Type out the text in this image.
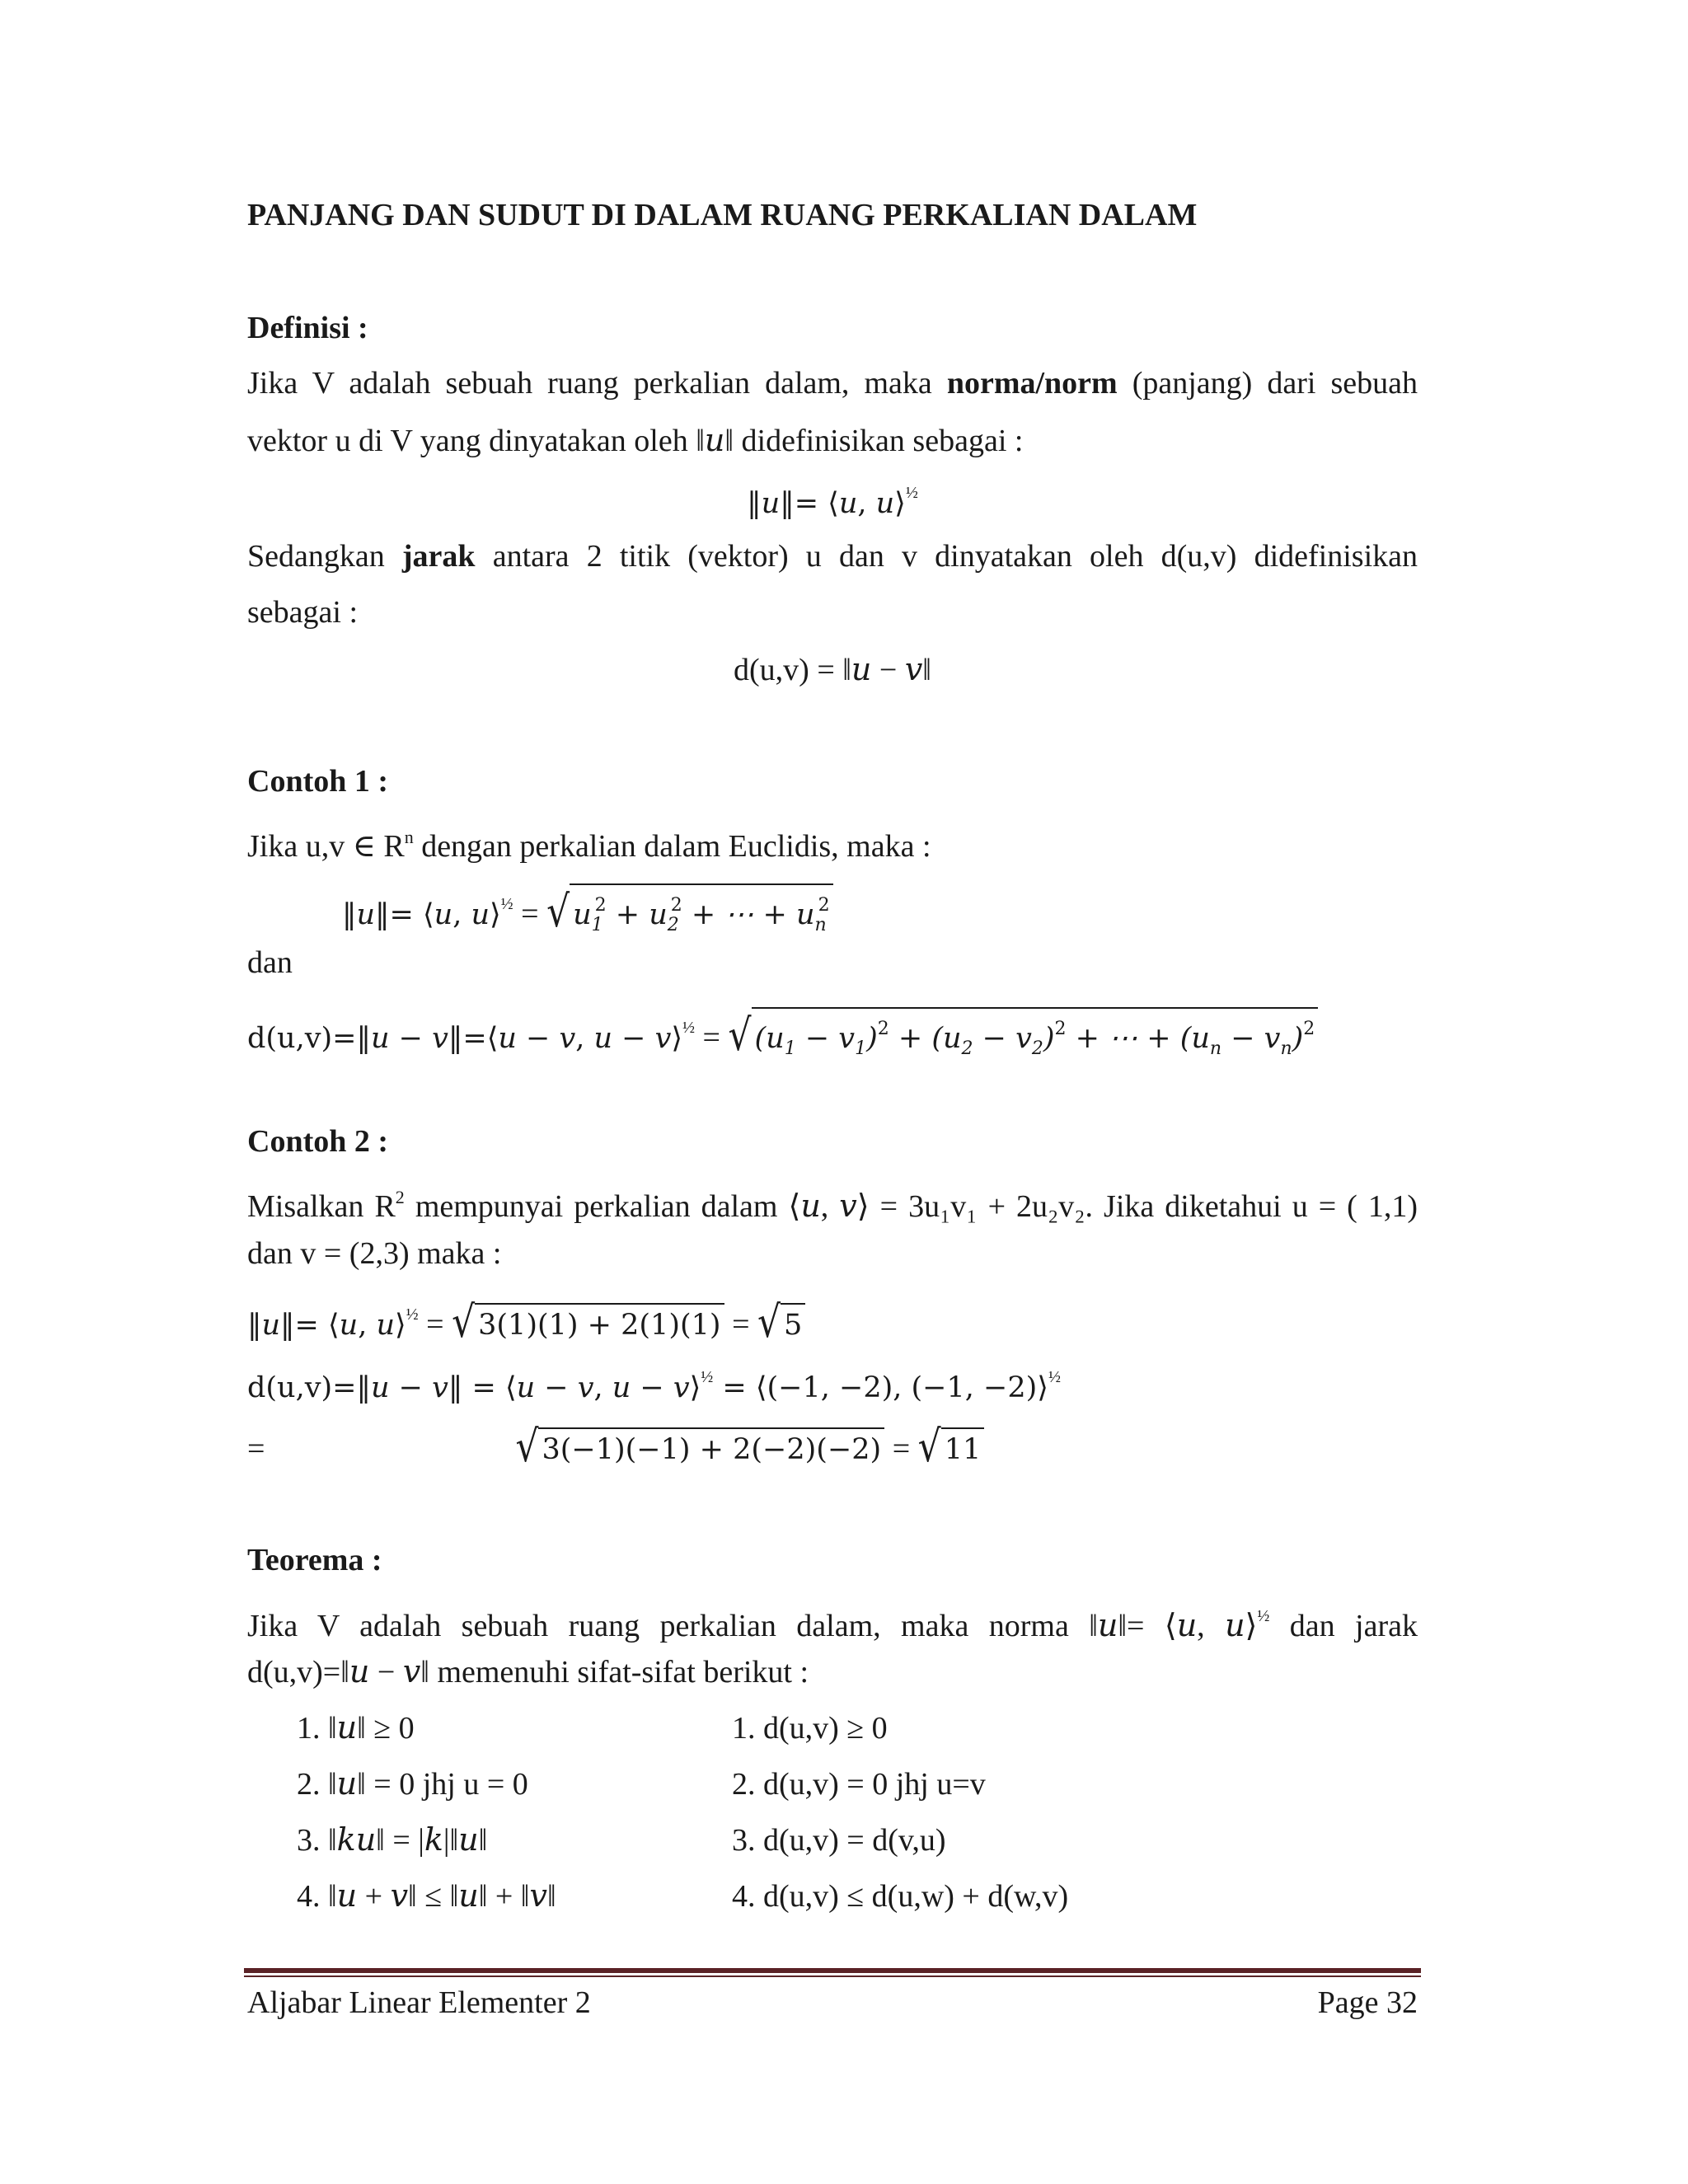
PANJANG DAN SUDUT DI DALAM RUANG PERKALIAN DALAM
Definisi :
Jika V adalah sebuah ruang perkalian dalam, maka norma/norm (panjang) dari sebuah
vektor u di V yang dinyatakan oleh ‖𝑢‖ didefinisikan sebagai :
‖𝑢‖= ⟨𝑢, 𝑢⟩$^{\frac{1}{2}}$
Sedangkan jarak antara 2 titik (vektor) u dan v dinyatakan oleh d(u,v) didefinisikan
sebagai :
d(u,v) = ‖𝑢 − 𝑣‖
Contoh 1 :
Jika u,v ∈ $R^n$ dengan perkalian dalam Euclidis, maka :
‖𝑢‖= ⟨𝑢, 𝑢⟩$^{\frac{1}{2}}$ = √ $u_1^2 + u_2^2$ + ⋯ + $u_n^2$
dan
d(u,v)=‖𝑢 − 𝑣‖=⟨𝑢 − 𝑣, 𝑢 − 𝑣⟩$^{\frac{1}{2}}$ = √ $(u_1 - v_1)^2 + (u_2 - v_2)^2$ + ⋯ + $(u_n - v_n)^2$
Contoh 2 :
Misalkan $R^2$ mempunyai perkalian dalam ⟨𝑢, 𝑣⟩ = 3u₁v₁ + 2u₂v₂. Jika diketahui u = ( 1,1)
dan v = (2,3) maka :
‖𝑢‖= ⟨𝑢, 𝑢⟩$^{\frac{1}{2}}$ = √ 3(1)(1) + 2(1)(1) = √ 5
d(u,v)=‖𝑢 − 𝑣‖ = ⟨𝑢 − 𝑣, 𝑢 − 𝑣⟩$^{\frac{1}{2}}$ = ⟨(−1, −2), (−1, −2)⟩$^{\frac{1}{2}}$
=	√ 3(−1)(−1) + 2(−2)(−2) = √ 11
Teorema :
Jika V adalah sebuah ruang perkalian dalam, maka norma ‖𝑢‖= ⟨𝑢, 𝑢⟩$^{\frac{1}{2}}$ dan jarak
d(u,v)=‖𝑢 − 𝑣‖ memenuhi sifat-sifat berikut :
1. ‖𝑢‖ ≥ 0
2. ‖𝑢‖ = 0 jhj u = 0
3. ‖𝑘𝑢‖ = |𝑘|‖𝑢‖
4. ‖𝑢 + 𝑣‖ ≤ ‖𝑢‖ + ‖𝑣‖
1. d(u,v) ≥ 0
2. d(u,v) = 0 jhj u=v
3. d(u,v) = d(v,u)
4. d(u,v) ≤ d(u,w) + d(w,v)
Aljabar Linear Elementer 2	Page 32
